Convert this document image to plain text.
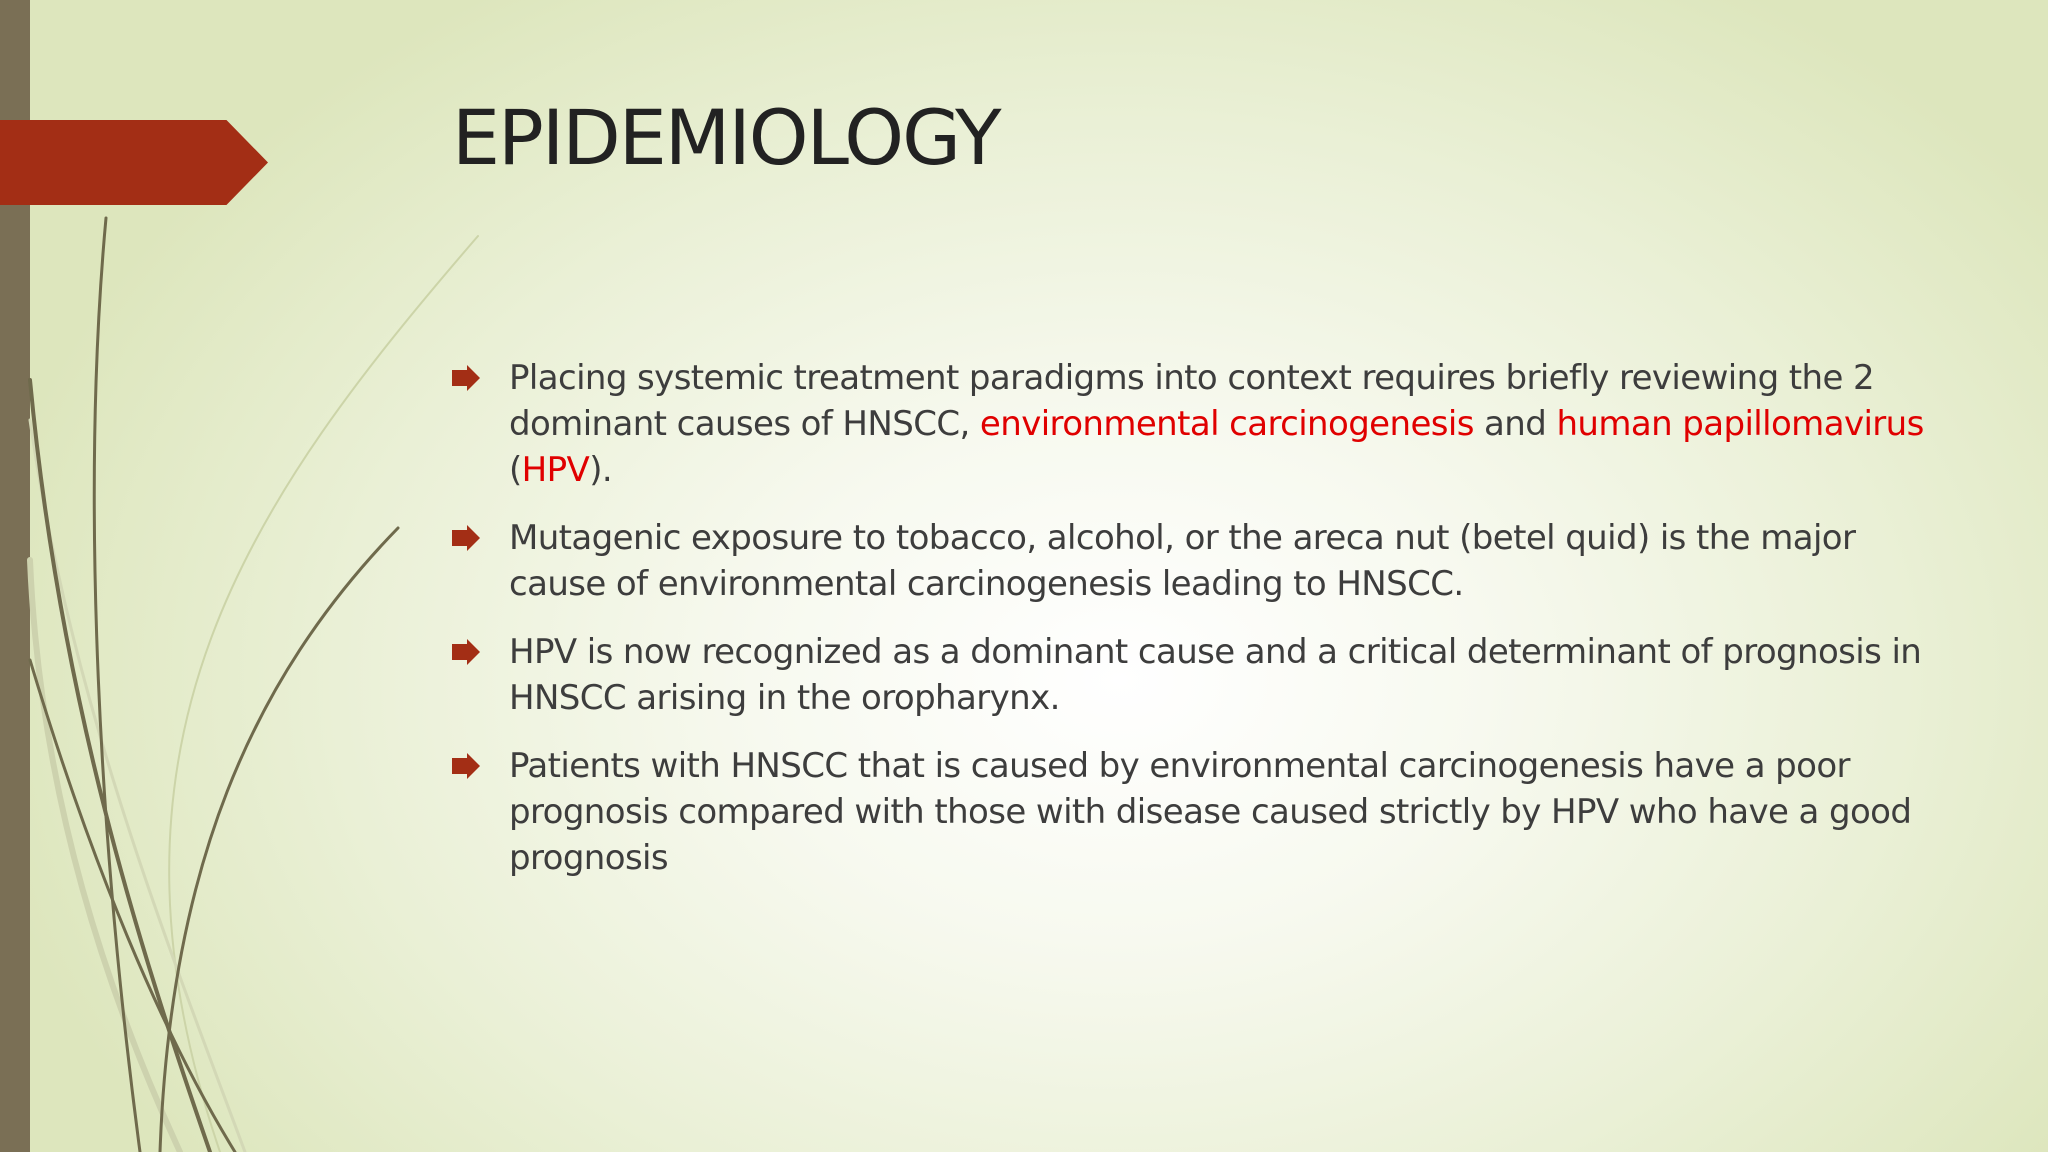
EPIDEMIOLOGY
Placing systemic treatment paradigms into context requires briefly reviewing the 2 dominant causes of HNSCC, environmental carcinogenesis and human papillomavirus (HPV).
Mutagenic exposure to tobacco, alcohol, or the areca nut (betel quid) is the major cause of environmental carcinogenesis leading to HNSCC.
HPV is now recognized as a dominant cause and a critical determinant of prognosis in HNSCC arising in the oropharynx.
Patients with HNSCC that is caused by environmental carcinogenesis have a poor prognosis compared with those with disease caused strictly by HPV who have a good prognosis
